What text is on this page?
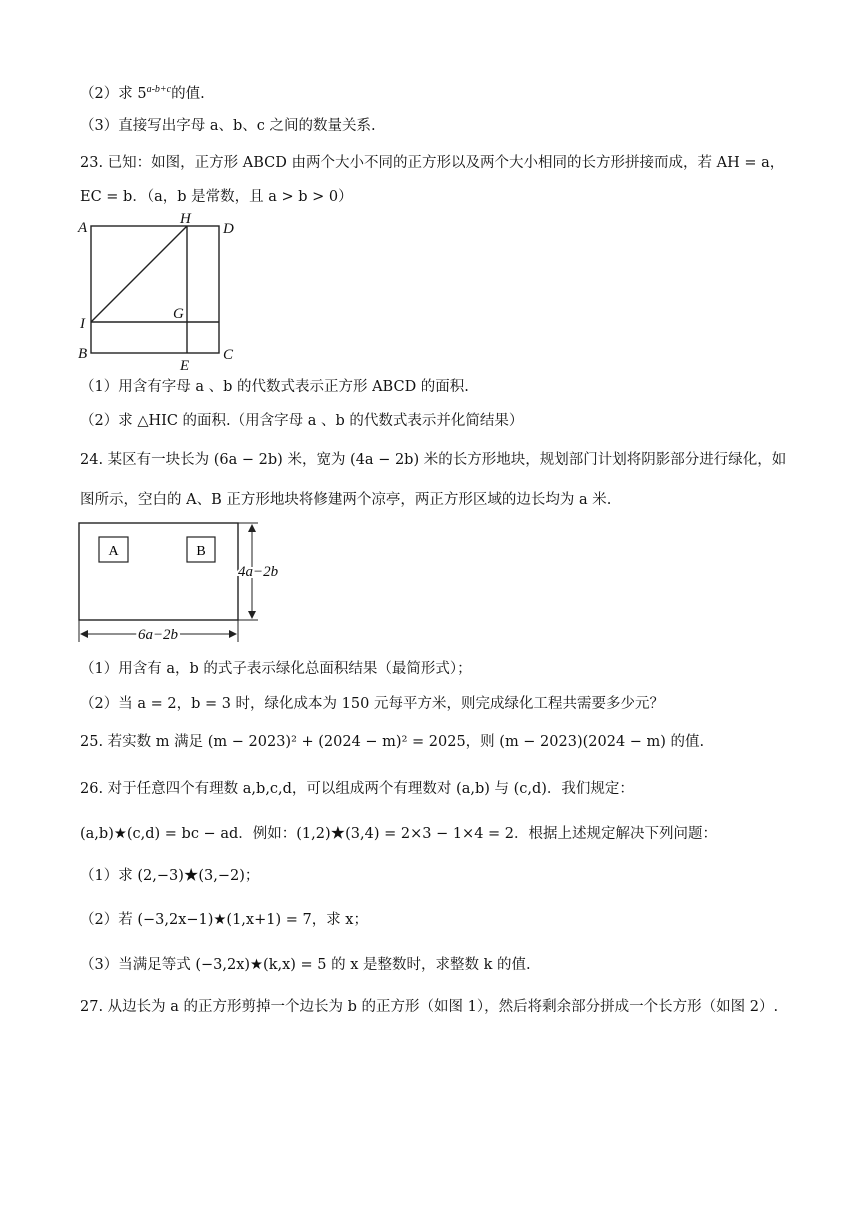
（2）求 $5^{a-b+c}$的值.
（3）直接写出字母 a、b、c 之间的数量关系.
23. 已知：如图，正方形 ABCD 由两个大小不同的正方形以及两个大小相同的长方形拼接而成，若 AH = a，
EC = b．（a，b 是常数，且 a > b > 0）
A
H
D
I
G
B
E
C
（1）用含有字母 a 、b 的代数式表示正方形 ABCD 的面积.
（2）求 △HIC 的面积.（用含字母 a 、b 的代数式表示并化简结果）
24. 某区有一块长为 (6a − 2b) 米，宽为 (4a − 2b) 米的长方形地块，规划部门计划将阴影部分进行绿化，如
图所示，空白的 A、B 正方形地块将修建两个凉亭，两正方形区域的边长均为 a 米.
A	B
4a−2b
6a−2b
（1）用含有 a，b 的式子表示绿化总面积结果（最简形式）；
（2）当 a = 2，b = 3 时，绿化成本为 150 元每平方米，则完成绿化工程共需要多少元？
25. 若实数 m 满足 (m − 2023)² + (2024 − m)² = 2025，则 (m − 2023)(2024 − m) 的值.
26. 对于任意四个有理数 a,b,c,d，可以组成两个有理数对 (a,b) 与 (c,d)．我们规定：
(a,b)★(c,d) = bc − ad．例如：(1,2)★(3,4) = 2×3 − 1×4 = 2．根据上述规定解决下列问题：
（1）求 (2,−3)★(3,−2)；
（2）若 (−3,2x−1)★(1,x+1) = 7，求 x；
（3）当满足等式 (−3,2x)★(k,x) = 5 的 x 是整数时，求整数 k 的值.
27. 从边长为 a 的正方形剪掉一个边长为 b 的正方形（如图 1），然后将剩余部分拼成一个长方形（如图 2）.
